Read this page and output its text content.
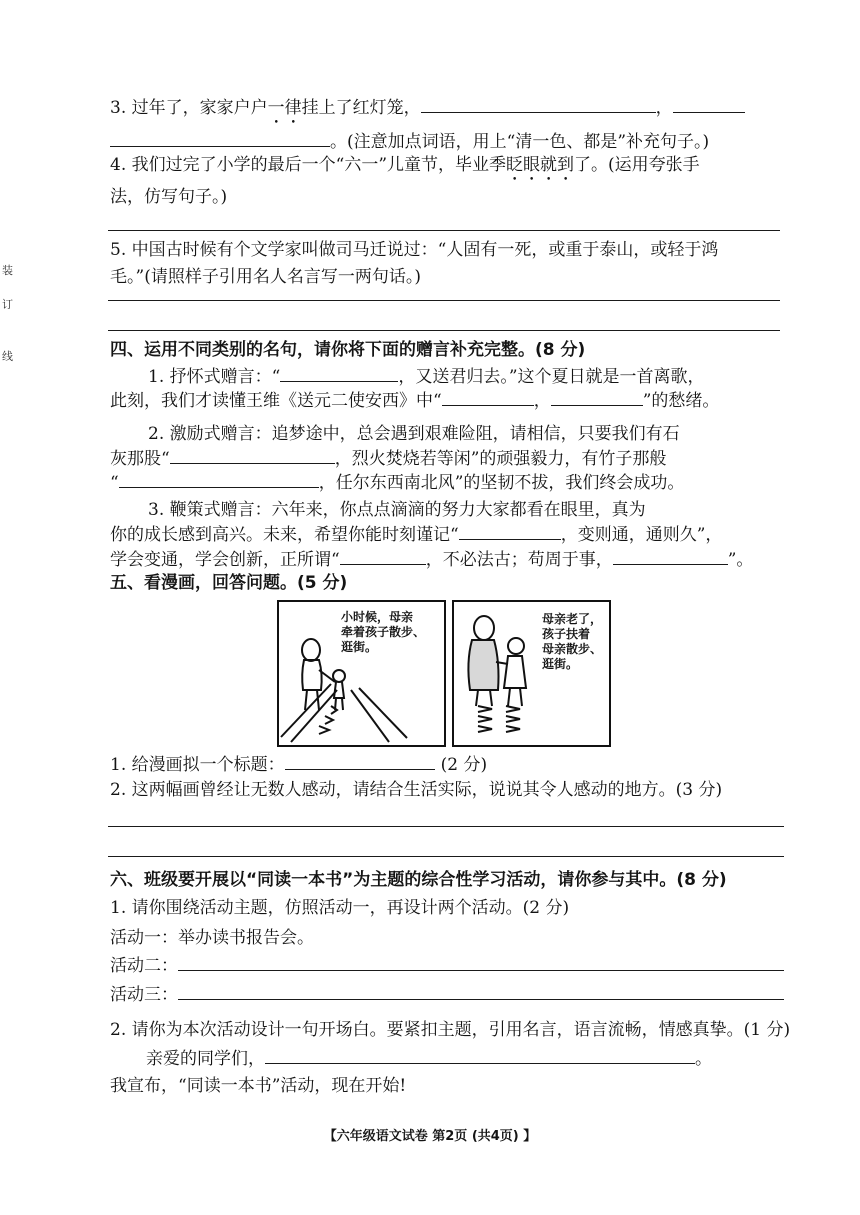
装
订
线
3. 过年了，家家户户一律挂上了红灯笼，	，
。(注意加点词语，用上“清一色、都是”补充句子。)
4. 我们过完了小学的最后一个“六一”儿童节，毕业季眨眼就到了。(运用夸张手
法，仿写句子。)
5. 中国古时候有个文学家叫做司马迁说过：“人固有一死，或重于泰山，或轻于鸿
毛。”(请照样子引用名人名言写一两句话。)
四、运用不同类别的名句，请你将下面的赠言补充完整。(8 分)
1. 抒怀式赠言：“	，又送君归去。”这个夏日就是一首离歌，
此刻，我们才读懂王维《送元二使安西》中“	，	”的愁绪。
2. 激励式赠言：追梦途中，总会遇到艰难险阻，请相信，只要我们有石
灰那股“	，烈火焚烧若等闲”的顽强毅力，有竹子那般
“	，任尔东西南北风”的坚韧不拔，我们终会成功。
3. 鞭策式赠言：六年来，你点点滴滴的努力大家都看在眼里，真为
你的成长感到高兴。未来，希望你能时刻谨记“	，变则通，通则久”，
学会变通，学会创新，正所谓“	，不必法古；苟周于事，	”。
五、看漫画，回答问题。(5 分)
小时候，母亲
牵着孩子散步、
逛街。
母亲老了，
孩子扶着
母亲散步、
逛街。
1. 给漫画拟一个标题：	(2 分)
2. 这两幅画曾经让无数人感动，请结合生活实际，说说其令人感动的地方。(3 分)
六、班级要开展以“同读一本书”为主题的综合性学习活动，请你参与其中。(8 分)
1. 请你围绕活动主题，仿照活动一，再设计两个活动。(2 分)
活动一：举办读书报告会。
活动二：
活动三：
2. 请你为本次活动设计一句开场白。要紧扣主题，引用名言，语言流畅，情感真挚。(1 分)
亲爱的同学们，	。
我宣布，“同读一本书”活动，现在开始!
【六年级语文试卷 第2页 (共4页) 】
